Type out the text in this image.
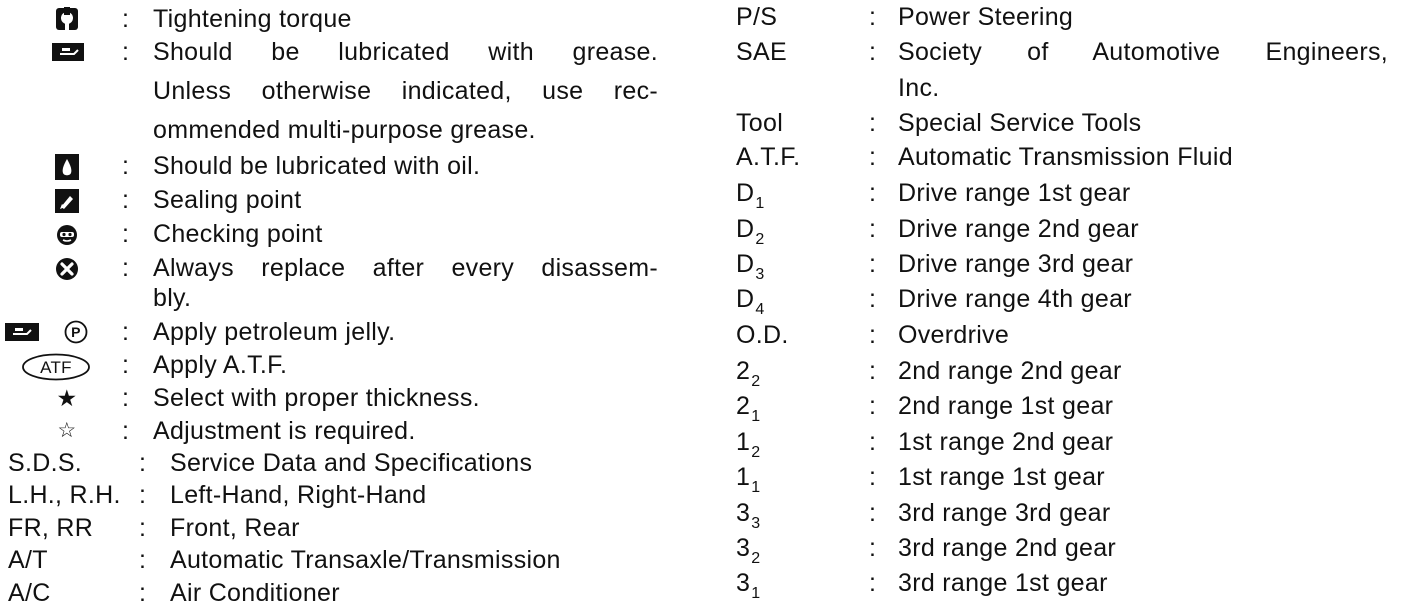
: Tightening torque
: Should be lubricated with grease.
Unless otherwise indicated, use rec-
ommended multi-purpose grease.
: Should be lubricated with oil.
: Sealing point
: Checking point
: Always replace after every disassem-
bly.
P : Apply petroleum jelly.
ATF : Apply A.T.F.
★ : Select with proper thickness.
☆ : Adjustment is required.
S.D.S. : Service Data and Specifications
L.H., R.H. : Left-Hand, Right-Hand
FR, RR : Front, Rear
A/T	: Automatic Transaxle/Transmission
A/C	: Air Conditioner
P/S	: Power Steering
SAE	: Society of Automotive Engineers,
Inc.
Tool	: Special Service Tools
A.T.F.	: Automatic Transmission Fluid
$D_1$	: Drive range 1st gear
$D_2$	: Drive range 2nd gear
$D_3$	: Drive range 3rd gear
$D_4$	: Drive range 4th gear
O.D.	: Overdrive
$2_2$	: 2nd range 2nd gear
$2_1$	: 2nd range 1st gear
$1_2$	: 1st range 2nd gear
$1_1$	: 1st range 1st gear
$3_3$	: 3rd range 3rd gear
$3_2$	: 3rd range 2nd gear
$3_1$	: 3rd range 1st gear
